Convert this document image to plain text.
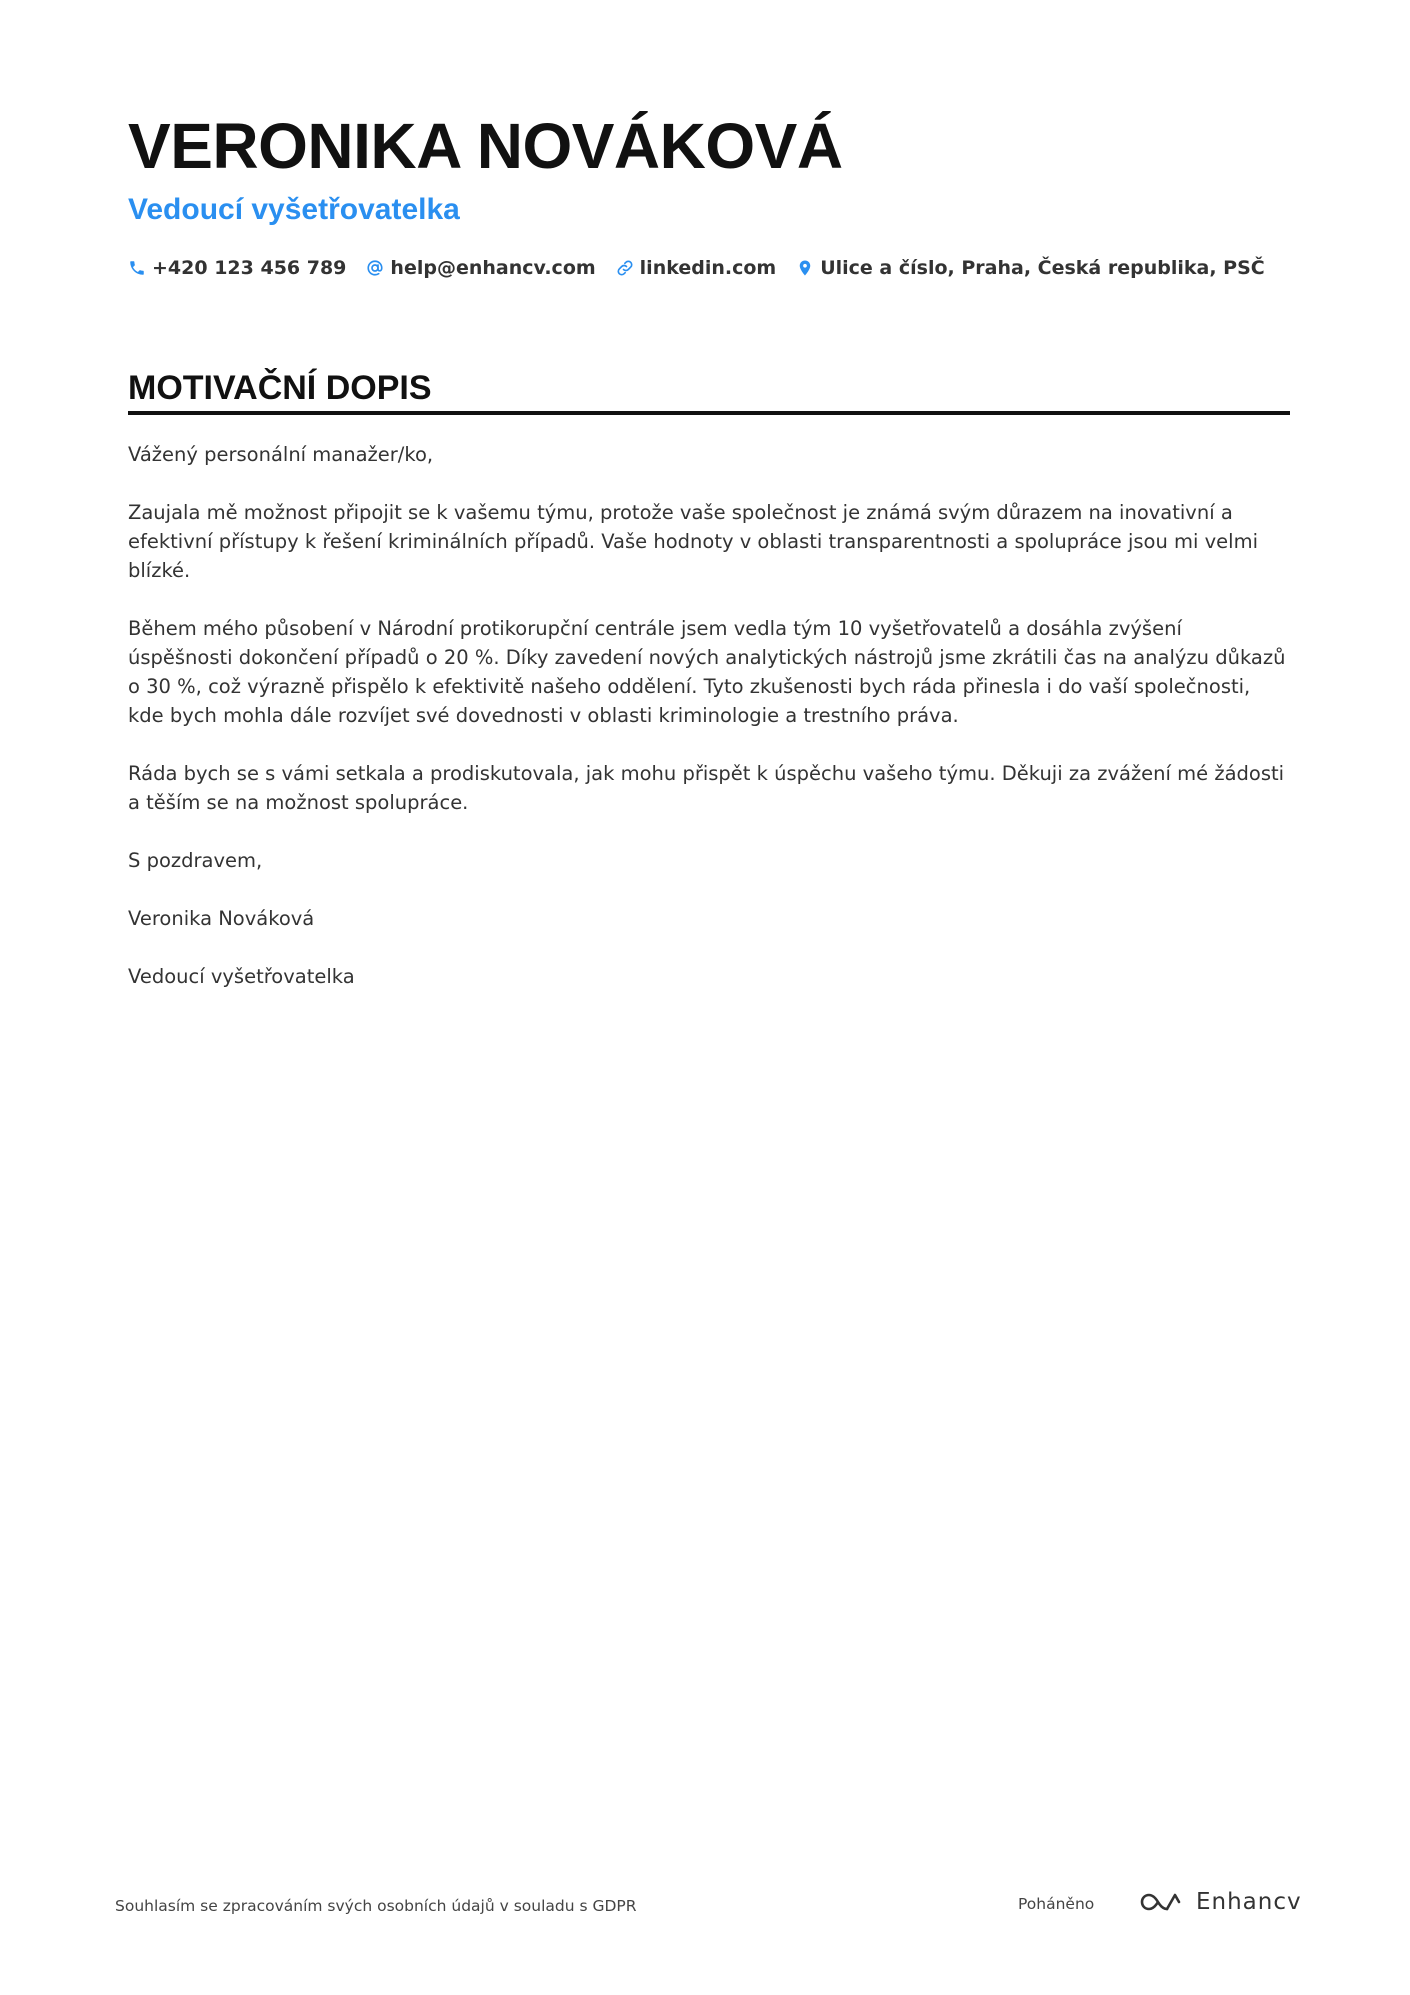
VERONIKA NOVÁKOVÁ
Vedoucí vyšetřovatelka
+420 123 456 789 help@enhancv.com linkedin.com Ulice a číslo, Praha, Česká republika, PSČ
MOTIVAČNÍ DOPIS

Vážený personální manažer/ko,

Zaujala mě možnost připojit se k vašemu týmu, protože vaše společnost je známá svým důrazem na inovativní a efektivní přístupy k řešení kriminálních případů. Vaše hodnoty v oblasti transparentnosti a spolupráce jsou mi velmi blízké.

Během mého působení v Národní protikorupční centrále jsem vedla tým 10 vyšetřovatelů a dosáhla zvýšení úspěšnosti dokončení případů o 20 %. Díky zavedení nových analytických nástrojů jsme zkrátili čas na analýzu důkazů o 30 %, což výrazně přispělo k efektivitě našeho oddělení. Tyto zkušenosti bych ráda přinesla i do vaší společnosti, kde bych mohla dále rozvíjet své dovednosti v oblasti kriminologie a trestního práva.

Ráda bych se s vámi setkala a prodiskutovala, jak mohu přispět k úspěchu vašeho týmu. Děkuji za zvážení mé žádosti a těším se na možnost spolupráce.

S pozdravem,

Veronika Nováková

Vedoucí vyšetřovatelka

Souhlasím se zpracováním svých osobních údajů v souladu s GDPR	Poháněno	Enhancv
